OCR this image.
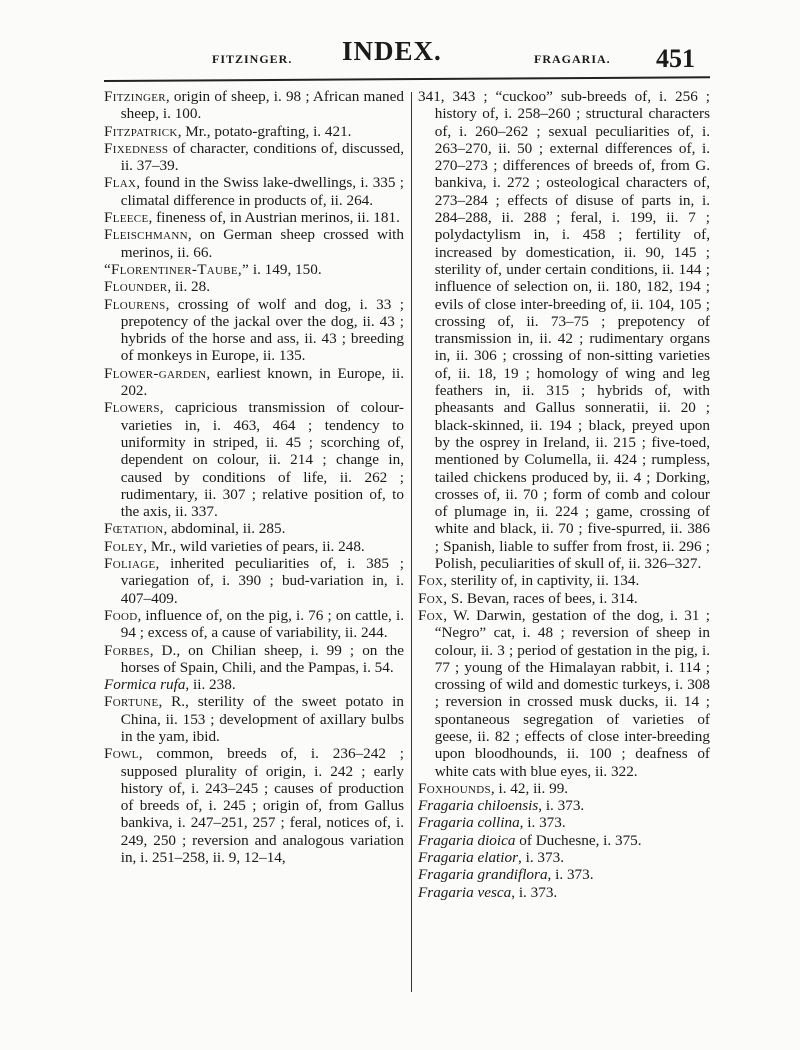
FITZINGER. INDEX.	FRAGARIA. 451

Fitzinger, origin of sheep, i. 98 ; African maned sheep, i. 100.

Fitzpatrick, Mr., potato-grafting, i. 421.

Fixedness of character, conditions of, discussed, ii. 37–39.

Flax, found in the Swiss lake-dwellings, i. 335 ; climatal difference in products of, ii. 264.

Fleece, fineness of, in Austrian merinos, ii. 181.

Fleischmann, on German sheep crossed with merinos, ii. 66.

“Florentiner-Taube,” i. 149, 150.

Flounder, ii. 28.

Flourens, crossing of wolf and dog, i. 33 ; prepotency of the jackal over the dog, ii. 43 ; hybrids of the horse and ass, ii. 43 ; breeding of monkeys in Europe, ii. 135.

Flower-garden, earliest known, in Europe, ii. 202.

Flowers, capricious transmission of colour-varieties in, i. 463, 464 ; tendency to uniformity in striped, ii. 45 ; scorching of, dependent on colour, ii. 214 ; change in, caused by conditions of life, ii. 262 ; rudimentary, ii. 307 ; relative position of, to the axis, ii. 337.

Fœtation, abdominal, ii. 285.

Foley, Mr., wild varieties of pears, ii. 248.

Foliage, inherited peculiarities of, i. 385 ; variegation of, i. 390 ; bud-variation in, i. 407–409.

Food, influence of, on the pig, i. 76 ; on cattle, i. 94 ; excess of, a cause of variability, ii. 244.

Forbes, D., on Chilian sheep, i. 99 ; on the horses of Spain, Chili, and the Pampas, i. 54.

Formica rufa, ii. 238.

Fortune, R., sterility of the sweet potato in China, ii. 153 ; development of axillary bulbs in the yam, ibid.

Fowl, common, breeds of, i. 236–242 ; supposed plurality of origin, i. 242 ; early history of, i. 243–245 ; causes of production of breeds of, i. 245 ; origin of, from Gallus bankiva, i. 247–251, 257 ; feral, notices of, i. 249, 250 ; reversion and analogous variation in, i. 251–258, ii. 9, 12–14,

341, 343 ; “cuckoo” sub-breeds of, i. 256 ; history of, i. 258–260 ; structural characters of, i. 260–262 ; sexual peculiarities of, i. 263–270, ii. 50 ; external differences of, i. 270–273 ; differences of breeds of, from G. bankiva, i. 272 ; osteological characters of, 273–284 ; effects of disuse of parts in, i. 284–288, ii. 288 ; feral, i. 199, ii. 7 ; polydactylism in, i. 458 ; fertility of, increased by domestication, ii. 90, 145 ; sterility of, under certain conditions, ii. 144 ; influence of selection on, ii. 180, 182, 194 ; evils of close inter-breeding of, ii. 104, 105 ; crossing of, ii. 73–75 ; prepotency of transmission in, ii. 42 ; rudimentary organs in, ii. 306 ; crossing of non-sitting varieties of, ii. 18, 19 ; homology of wing and leg feathers in, ii. 315 ; hybrids of, with pheasants and Gallus sonneratii, ii. 20 ; black-skinned, ii. 194 ; black, preyed upon by the osprey in Ireland, ii. 215 ; five-toed, mentioned by Columella, ii. 424 ; rumpless, tailed chickens produced by, ii. 4 ; Dorking, crosses of, ii. 70 ; form of comb and colour of plumage in, ii. 224 ; game, crossing of white and black, ii. 70 ; five-spurred, ii. 386 ; Spanish, liable to suffer from frost, ii. 296 ; Polish, peculiarities of skull of, ii. 326–327.

Fox, sterility of, in captivity, ii. 134.

Fox, S. Bevan, races of bees, i. 314.

Fox, W. Darwin, gestation of the dog, i. 31 ; “Negro” cat, i. 48 ; reversion of sheep in colour, ii. 3 ; period of gestation in the pig, i. 77 ; young of the Himalayan rabbit, i. 114 ; crossing of wild and domestic turkeys, i. 308 ; reversion in crossed musk ducks, ii. 14 ; spontaneous segregation of varieties of geese, ii. 82 ; effects of close inter-breeding upon bloodhounds, ii. 100 ; deafness of white cats with blue eyes, ii. 322.

Foxhounds, i. 42, ii. 99.

Fragaria chiloensis, i. 373.

Fragaria collina, i. 373.

Fragaria dioica of Duchesne, i. 375.

Fragaria elatior, i. 373.

Fragaria grandiflora, i. 373.

Fragaria vesca, i. 373.
